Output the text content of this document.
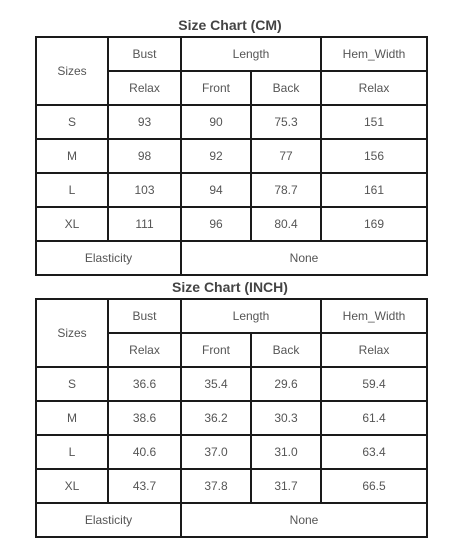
Size Chart (CM)
Sizes	Bust	Length		Hem_Width
	Relax	Front	Back	Relax
S	93	90	75.3	151
M	98	92	77	156
L	103	94	78.7	161
XL	111	96	80.4	169
Elasticity		None		
Size Chart (INCH)
Sizes	Bust	Length		Hem_Width
	Relax	Front	Back	Relax
S	36.6	35.4	29.6	59.4
M	38.6	36.2	30.3	61.4
L	40.6	37.0	31.0	63.4
XL	43.7	37.8	31.7	66.5
Elasticity		None		
